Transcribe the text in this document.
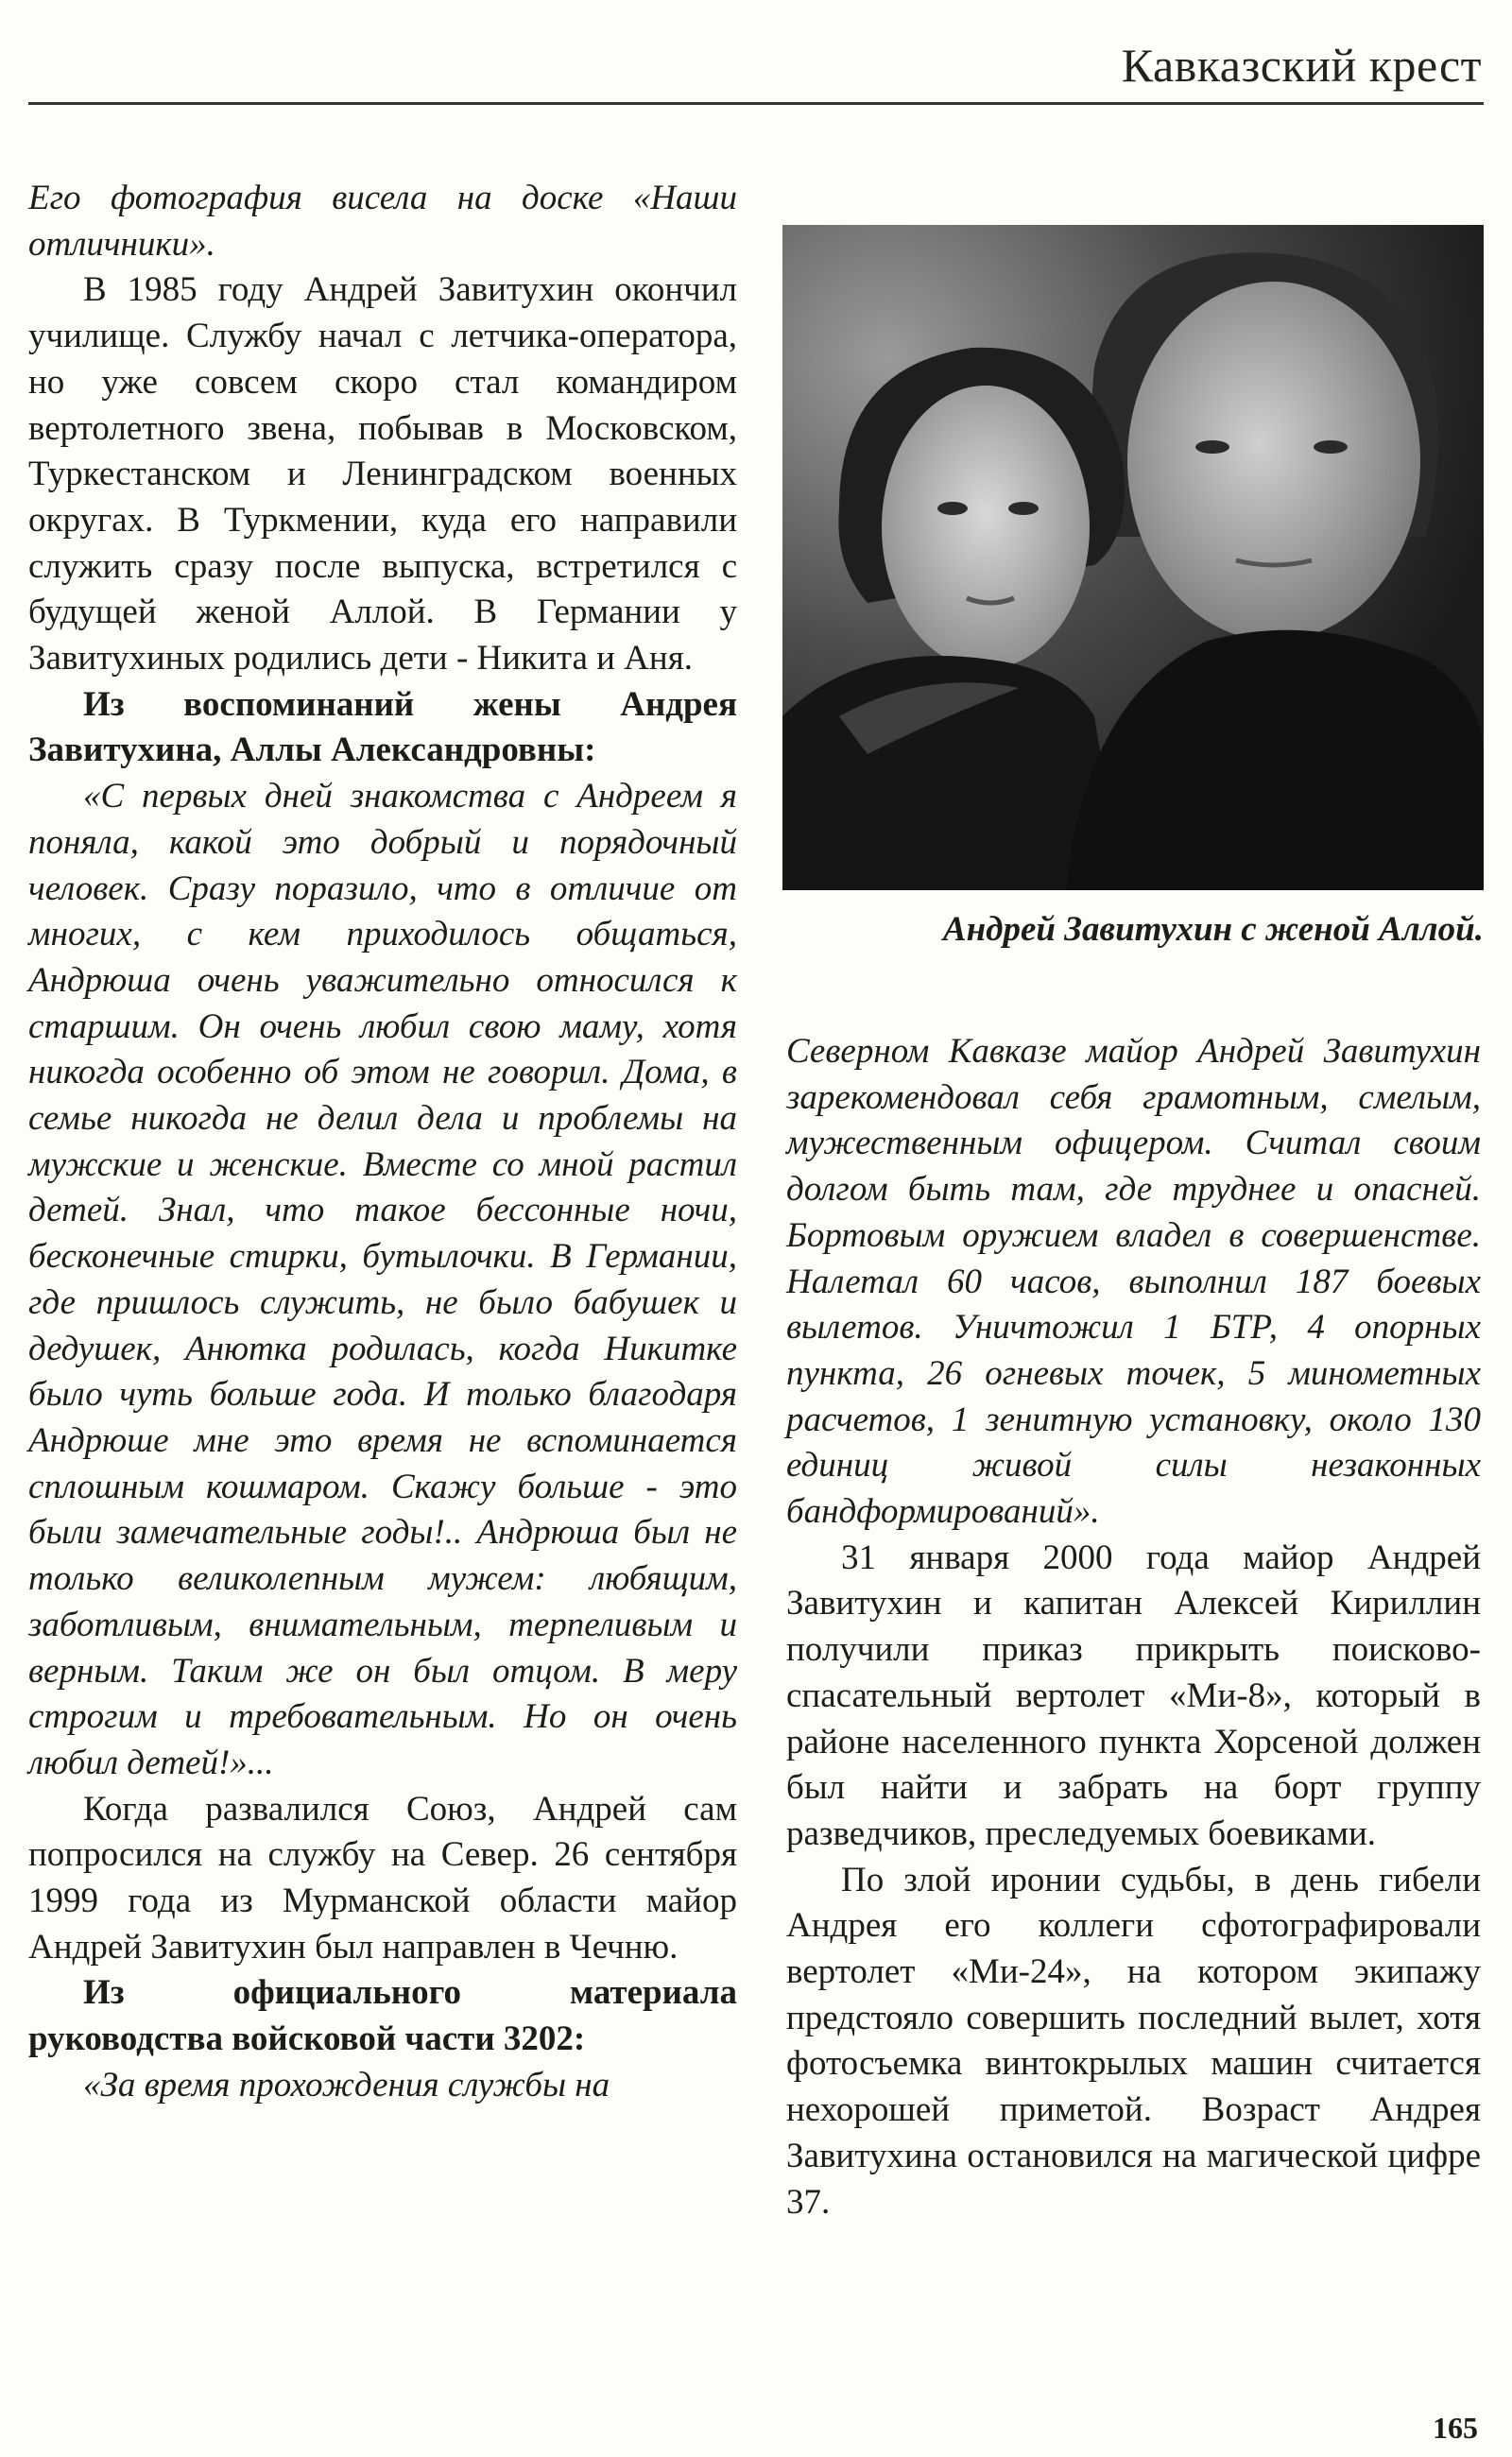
Кавказский крест

Его фотография висела на доске «Наши отличники».

В 1985 году Андрей Завитухин окончил училище. Службу начал с летчика-оператора, но уже совсем скоро стал командиром вертолетного звена, побывав в Московском, Туркестанском и Ленинградском военных округах. В Туркмении, куда его направили служить сразу после выпуска, встретился с будущей женой Аллой. В Германии у Завитухиных родились дети - Никита и Аня.

Из воспоминаний жены Андрея Завитухина, Аллы Александровны:

«С первых дней знакомства с Андреем я поняла, какой это добрый и порядочный человек. Сразу поразило, что в отличие от многих, с кем приходилось общаться, Андрюша очень уважительно относился к старшим. Он очень любил свою маму, хотя никогда особенно об этом не говорил. Дома, в семье никогда не делил дела и проблемы на мужские и женские. Вместе со мной растил детей. Знал, что такое бессонные ночи, бесконечные стирки, бутылочки. В Германии, где пришлось служить, не было бабушек и дедушек, Анютка родилась, когда Никитке было чуть больше года. И только благодаря Андрюше мне это время не вспоминается сплошным кошмаром. Скажу больше - это были замечательные годы!.. Андрюша был не только великолепным мужем: любящим, заботливым, внимательным, терпеливым и верным. Таким же он был отцом. В меру строгим и требовательным. Но он очень любил детей!»...

Когда развалился Союз, Андрей сам попросился на службу на Север. 26 сентября 1999 года из Мурманской области майор Андрей Завитухин был направлен в Чечню.

Из официального материала руководства войсковой части 3202:

«За время прохождения службы на

Андрей Завитухин с женой Аллой.

Северном Кавказе майор Андрей Завитухин зарекомендовал себя грамотным, смелым, мужественным офицером. Считал своим долгом быть там, где труднее и опасней. Бортовым оружием владел в совершенстве. Налетал 60 часов, выполнил 187 боевых вылетов. Уничтожил 1 БТР, 4 опорных пункта, 26 огневых точек, 5 минометных расчетов, 1 зенитную установку, около 130 единиц живой силы незаконных бандформирований».

31 января 2000 года майор Андрей Завитухин и капитан Алексей Кириллин получили приказ прикрыть поисково-спасательный вертолет «Ми-8», который в районе населенного пункта Хорсеной должен был найти и забрать на борт группу разведчиков, преследуемых боевиками.

По злой иронии судьбы, в день гибели Андрея его коллеги сфотографировали вертолет «Ми-24», на котором экипажу предстояло совершить последний вылет, хотя фотосъемка винтокрылых машин считается нехорошей приметой. Возраст Андрея Завитухина остановился на магической цифре 37.

165
